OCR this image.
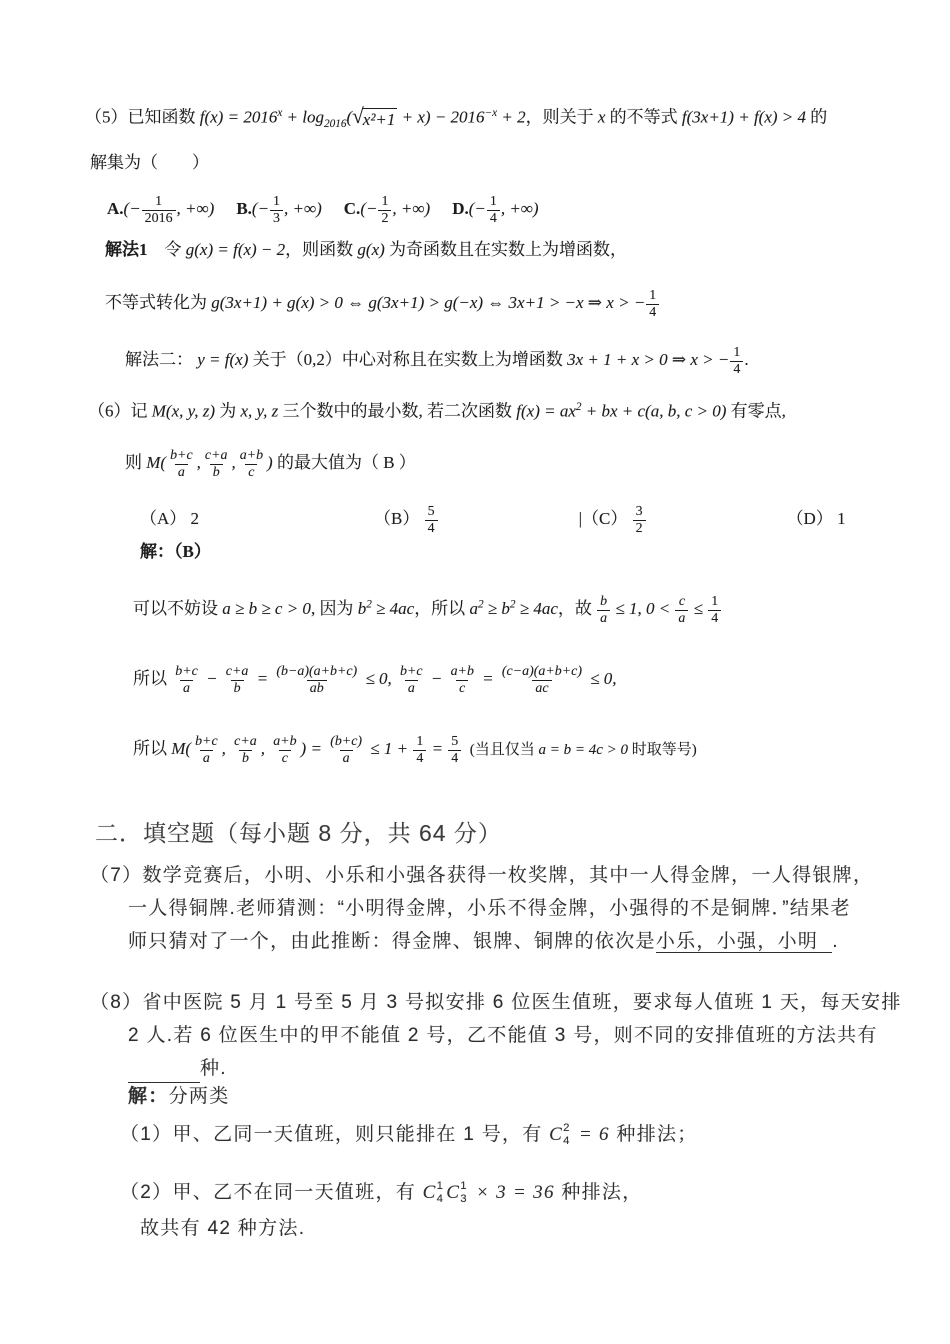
（5）已知函数 $f(x) = 2016^x + \log_{2016}$( √ $x^2+1 + x) - 2016^{-x} + 2$，则关于 x 的不等式 f(3x+1) + f(x) > 4 的
解集为（　　）
$A.(- \frac{1}{2016}$ , +∞) $B.(- \frac{1}{3}$ , +∞) $C.(- \frac{1}{2}$ , +∞) $D.(- \frac{1}{4}$ , +∞)
解法1　令 g(x) = f(x) − 2，则函数 g(x) 为奇函数且在实数上为增函数，
不等式转化为 g(3x+1) + g(x) > 0 ⇔ g(3x+1) > g(−x) ⇔ 3x+1 > −x ⇒ x > − $\frac{1}{4}$
解法二： y = f(x) 关于（0,2）中心对称且在实数上为增函数 3x + 1 + x > 0 ⇒ x > − $\frac{1}{4}$ .
（6）记 M(x, y, z) 为 x, y, z 三个数中的最小数, 若二次函数 $f(x) = ax^2$ + bx + c(a, b, c > 0) 有零点,
则 $M( \frac{b+c}{a}$ , $\frac{c+a}{b}$ , $\frac{a+b}{c}$ ) 的最大值为（ B ）
（A） 2	$(B) \frac{5}{4}$	$|(C) \frac{3}{2}$	（D） 1
解：（B）
可以不妨设 a ≥ b ≥ c > 0, 因为 $b^2 \ge 4ac$，所以 $a^2 \ge b^2 \ge 4ac$，故 $\frac{b}{a} \le 1$, $0 < \frac{c}{a} \le \frac{1}{4}$
所以 $\frac{b+c}{a} - \frac{c+a}{b} = \frac{(b-a)(a+b+c)}{ab} \le 0$, $\frac{b+c}{a} - \frac{a+b}{c} = \frac{(c-a)(a+b+c)}{ac} \le 0$,
所以 $M( \frac{b+c}{a}$ , $\frac{c+a}{b}$ , $\frac{a+b}{c}$ ) = $\frac{(b+c)}{a} \le 1 + \frac{1}{4} = \frac{5}{4}$ (当且仅当 a = b = 4c > 0 时取等号)
二．填空题（每小题 8 分，共 64 分）
（7）数学竞赛后，小明、小乐和小强各获得一枚奖牌，其中一人得金牌，一人得银牌，
一人得铜牌.老师猜测：“小明得金牌，小乐不得金牌，小强得的不是铜牌．”结果老
师只猜对了一个，由此推断：得金牌、银牌、铜牌的依次是小乐，小强，小明 .
（8）省中医院 5 月 1 号至 5 月 3 号拟安排 6 位医生值班，要求每人值班 1 天，每天安排
2 人.若 6 位医生中的甲不能值 2 号，乙不能值 3 号，则不同的安排值班的方法共有
种.
解：分两类
（1）甲、乙同一天值班，则只能排在 1 号，有 C 2
4 = 6 种排法；
（2）甲、乙不在同一天值班，有 C 1
4 C 1
3 × 3 = 36 种排法，
故共有 42 种方法.
